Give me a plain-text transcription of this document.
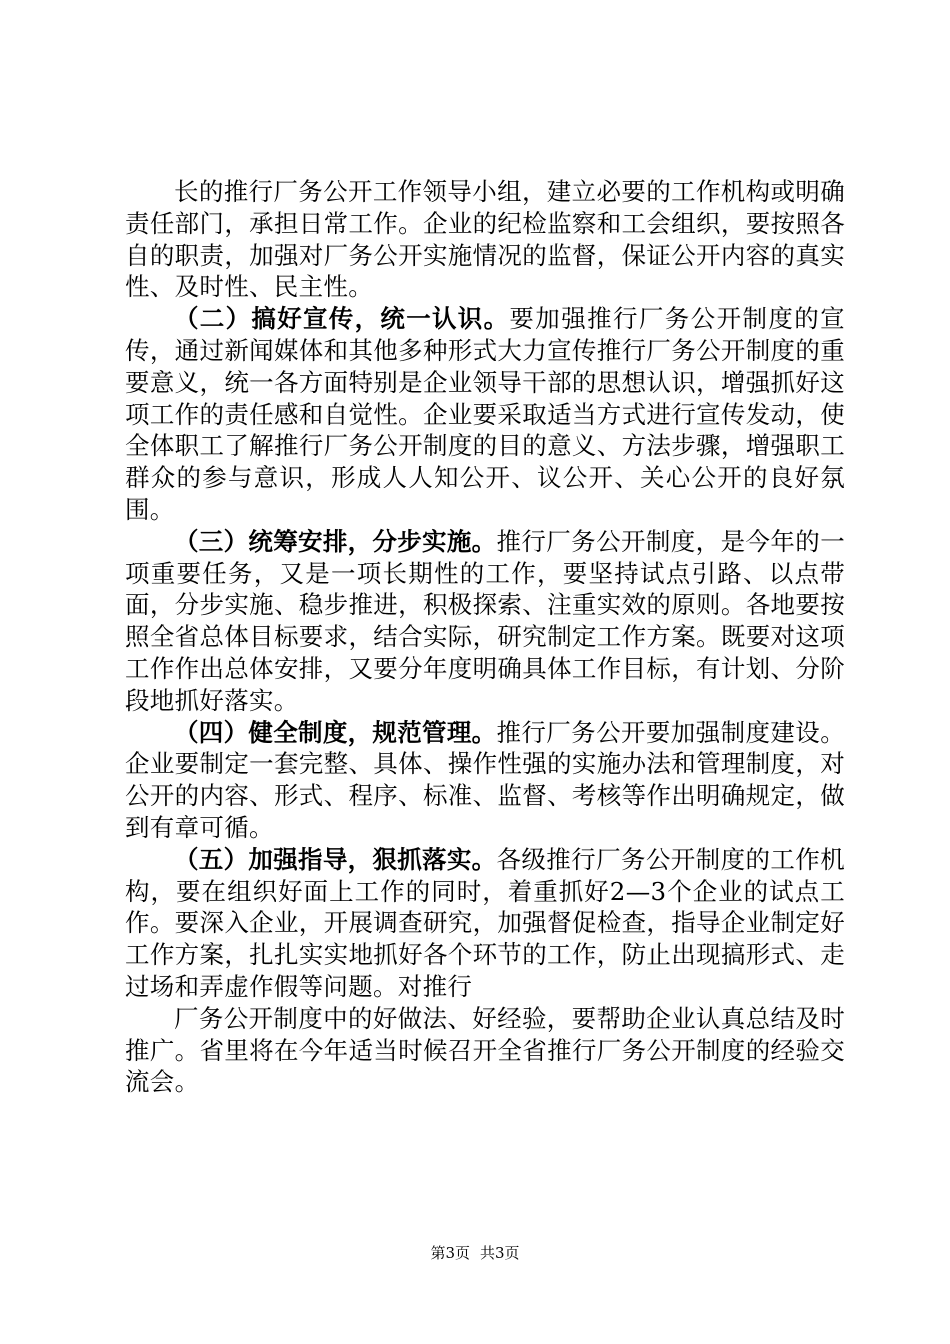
长的推行厂务公开工作领导小组，建立必要的工作机构或明确责任部门，承担日常工作。企业的纪检监察和工会组织，要按照各自的职责，加强对厂务公开实施情况的监督，保证公开内容的真实性、及时性、民主性。

（二）搞好宣传，统一认识。要加强推行厂务公开制度的宣传，通过新闻媒体和其他多种形式大力宣传推行厂务公开制度的重要意义，统一各方面特别是企业领导干部的思想认识，增强抓好这项工作的责任感和自觉性。企业要采取适当方式进行宣传发动，使全体职工了解推行厂务公开制度的目的意义、方法步骤，增强职工群众的参与意识，形成人人知公开、议公开、关心公开的良好氛围。

（三）统筹安排，分步实施。推行厂务公开制度，是今年的一项重要任务，又是一项长期性的工作，要坚持试点引路、以点带面，分步实施、稳步推进，积极探索、注重实效的原则。各地要按照全省总体目标要求，结合实际，研究制定工作方案。既要对这项工作作出总体安排，又要分年度明确具体工作目标，有计划、分阶段地抓好落实。

（四）健全制度，规范管理。推行厂务公开要加强制度建设。企业要制定一套完整、具体、操作性强的实施办法和管理制度，对公开的内容、形式、程序、标准、监督、考核等作出明确规定，做到有章可循。

（五）加强指导，狠抓落实。各级推行厂务公开制度的工作机构，要在组织好面上工作的同时，着重抓好2—3个企业的试点工作。要深入企业，开展调查研究，加强督促检查，指导企业制定好工作方案，扎扎实实地抓好各个环节的工作，防止出现搞形式、走过场和弄虚作假等问题。对推行

厂务公开制度中的好做法、好经验，要帮助企业认真总结及时推广。省里将在今年适当时候召开全省推行厂务公开制度的经验交流会。

第3页 共3页
